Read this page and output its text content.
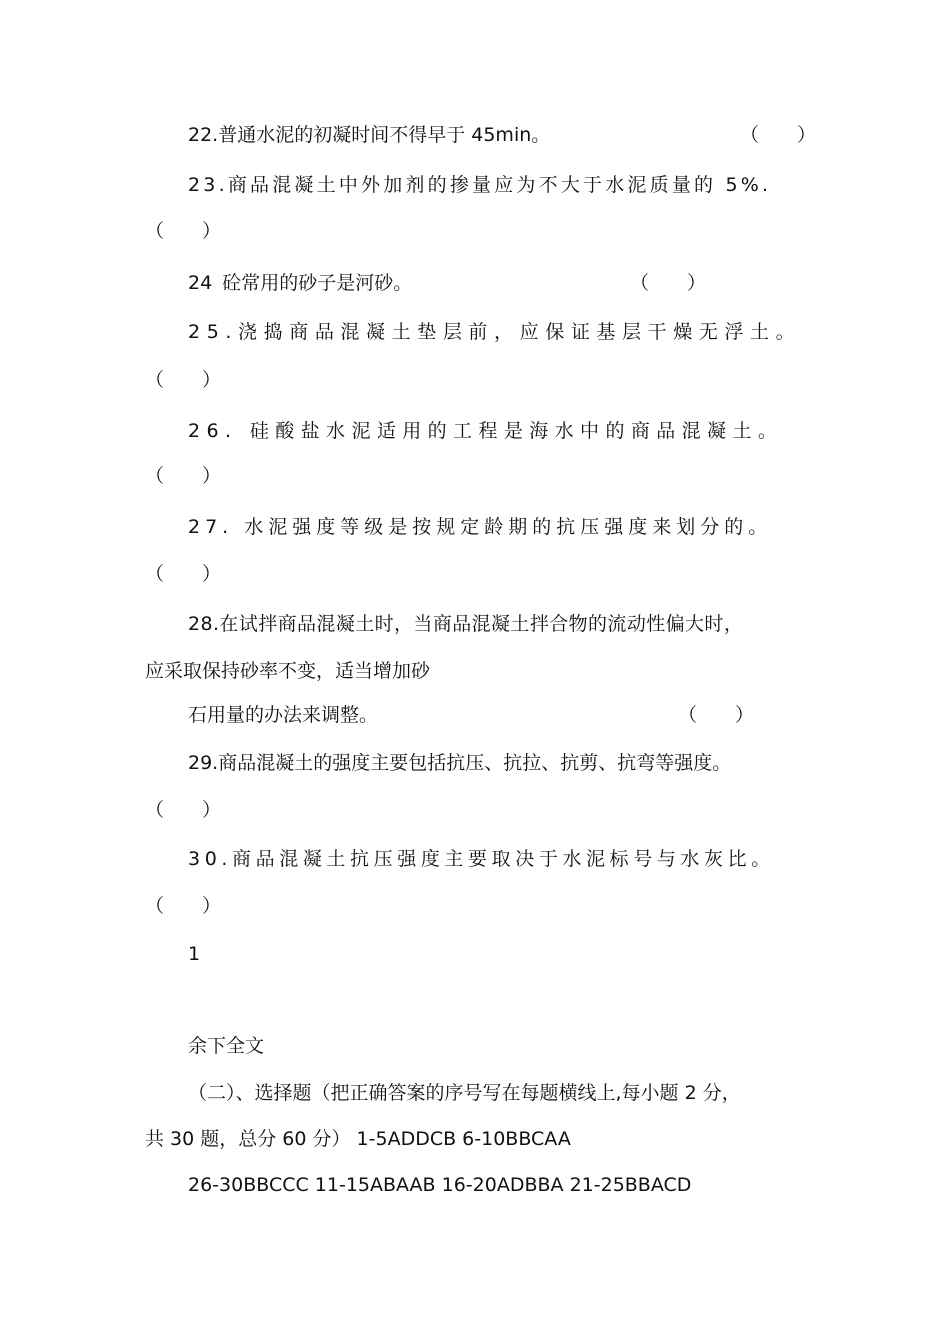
22.普通水泥的初凝时间不得早于 45min。	（　　）
23.商品混凝土中外加剂的掺量应为不大于水泥质量的 5%.
（　　）
24 砼常用的砂子是河砂。	（　　）
25.浇捣商品混凝土垫层前，应保证基层干燥无浮土。
（　　）
26. 硅酸盐水泥适用的工程是海水中的商品混凝土。
（　　）
27. 水泥强度等级是按规定龄期的抗压强度来划分的。
（　　）
28.在试拌商品混凝土时，当商品混凝土拌合物的流动性偏大时，
应采取保持砂率不变，适当增加砂
石用量的办法来调整。	（　　）
29.商品混凝土的强度主要包括抗压、抗拉、抗剪、抗弯等强度。
（　　）
30.商品混凝土抗压强度主要取决于水泥标号与水灰比。
（　　）
1
余下全文
（二）、选择题（把正确答案的序号写在每题横线上,每小题 2 分，
共 30 题，总分 60 分） 1-5ADDCB 6-10BBCAA
26-30BBCCC 11-15ABAAB 16-20ADBBA 21-25BBACD
